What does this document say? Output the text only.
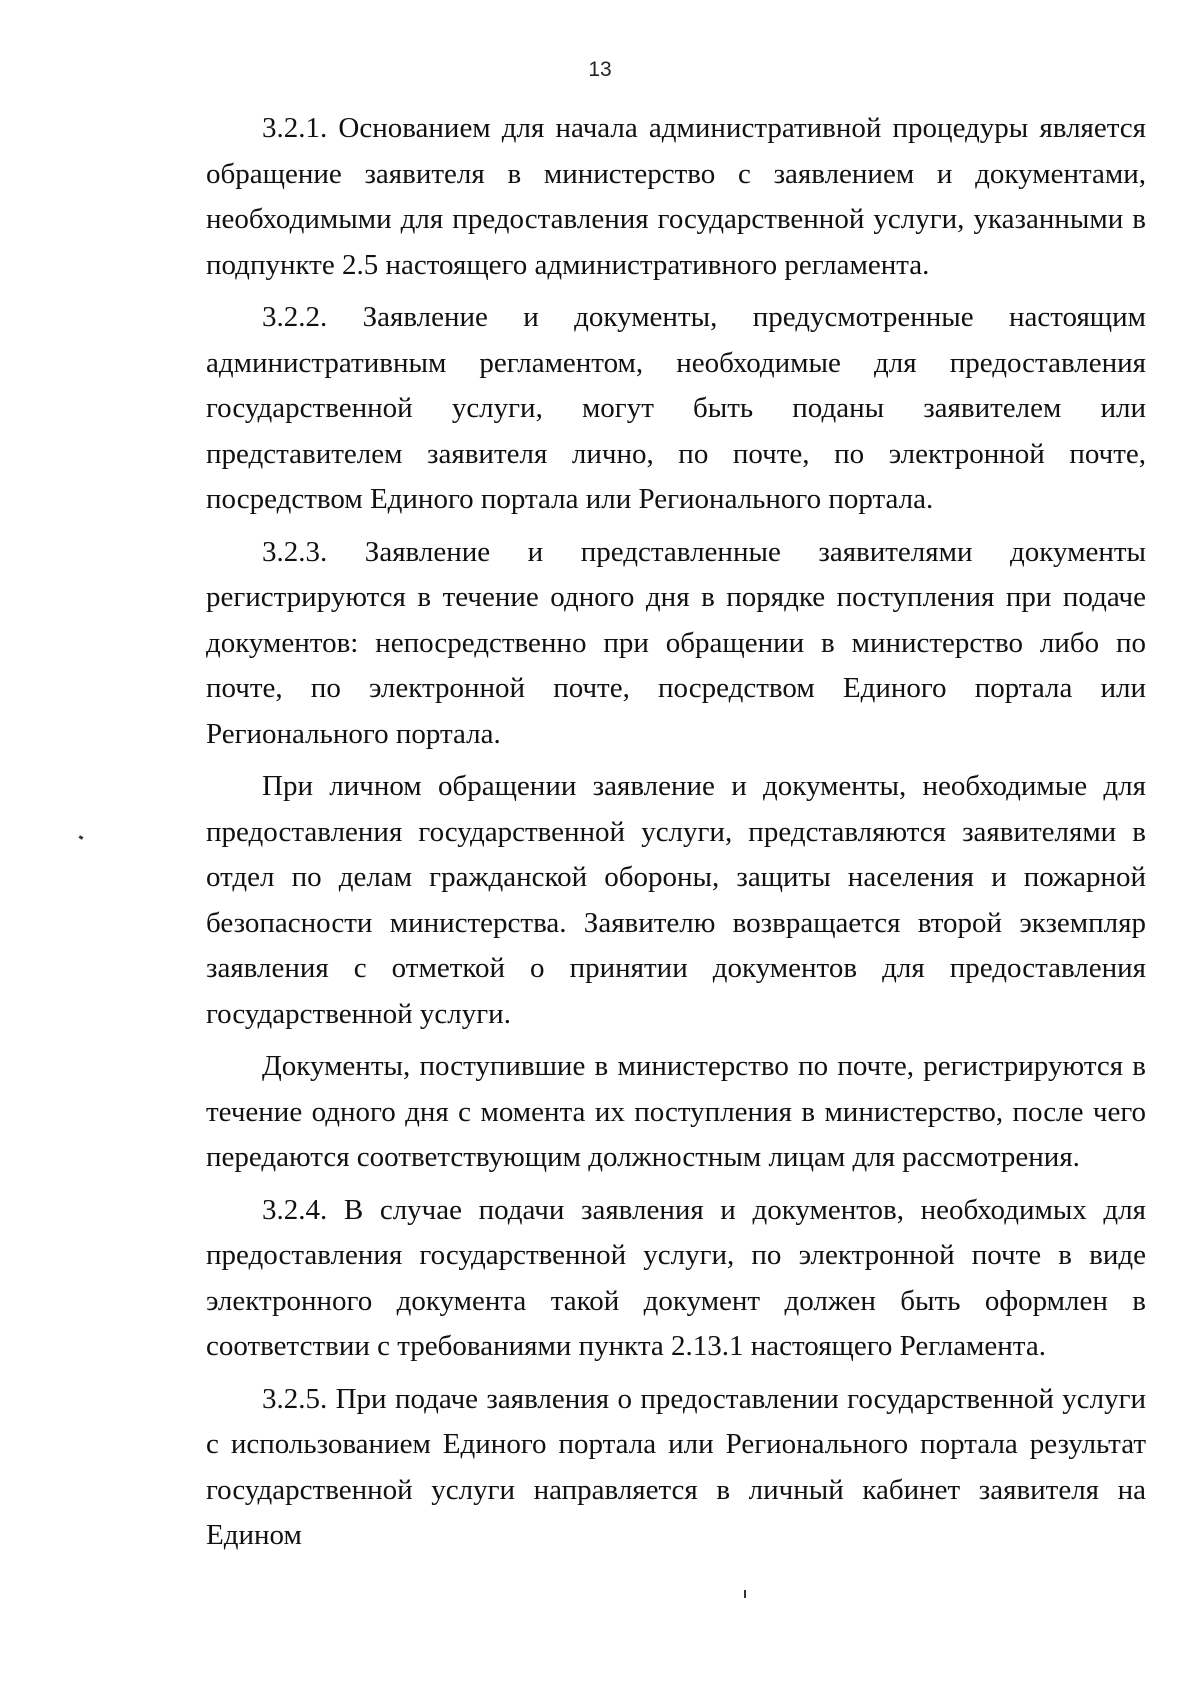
13

3.2.1. Основанием для начала административной процедуры является обращение заявителя в министерство с заявлением и документами, необходимыми для предоставления государственной услуги, указанными в подпункте 2.5 настоящего административного регламента.

3.2.2. Заявление и документы, предусмотренные настоящим административным регламентом, необходимые для предоставления государственной услуги, могут быть поданы заявителем или представителем заявителя лично, по почте, по электронной почте, посредством Единого портала или Регионального портала.

3.2.3. Заявление и представленные заявителями документы регистрируются в течение одного дня в порядке поступления при подаче документов: непосредственно при обращении в министерство либо по почте, по электронной почте, посредством Единого портала или Регионального портала.

При личном обращении заявление и документы, необходимые для предоставления государственной услуги, представляются заявителями в отдел по делам гражданской обороны, защиты населения и пожарной безопасности министерства. Заявителю возвращается второй экземпляр заявления с отметкой о принятии документов для предоставления государственной услуги.

Документы, поступившие в министерство по почте, регистрируются в течение одного дня с момента их поступления в министерство, после чего передаются соответствующим должностным лицам для рассмотрения.

3.2.4. В случае подачи заявления и документов, необходимых для предоставления государственной услуги, по электронной почте в виде электронного документа такой документ должен быть оформлен в соответствии с требованиями пункта 2.13.1 настоящего Регламента.

3.2.5. При подаче заявления о предоставлении государственной услуги с использованием Единого портала или Регионального портала результат государственной услуги направляется в личный кабинет заявителя на Едином
